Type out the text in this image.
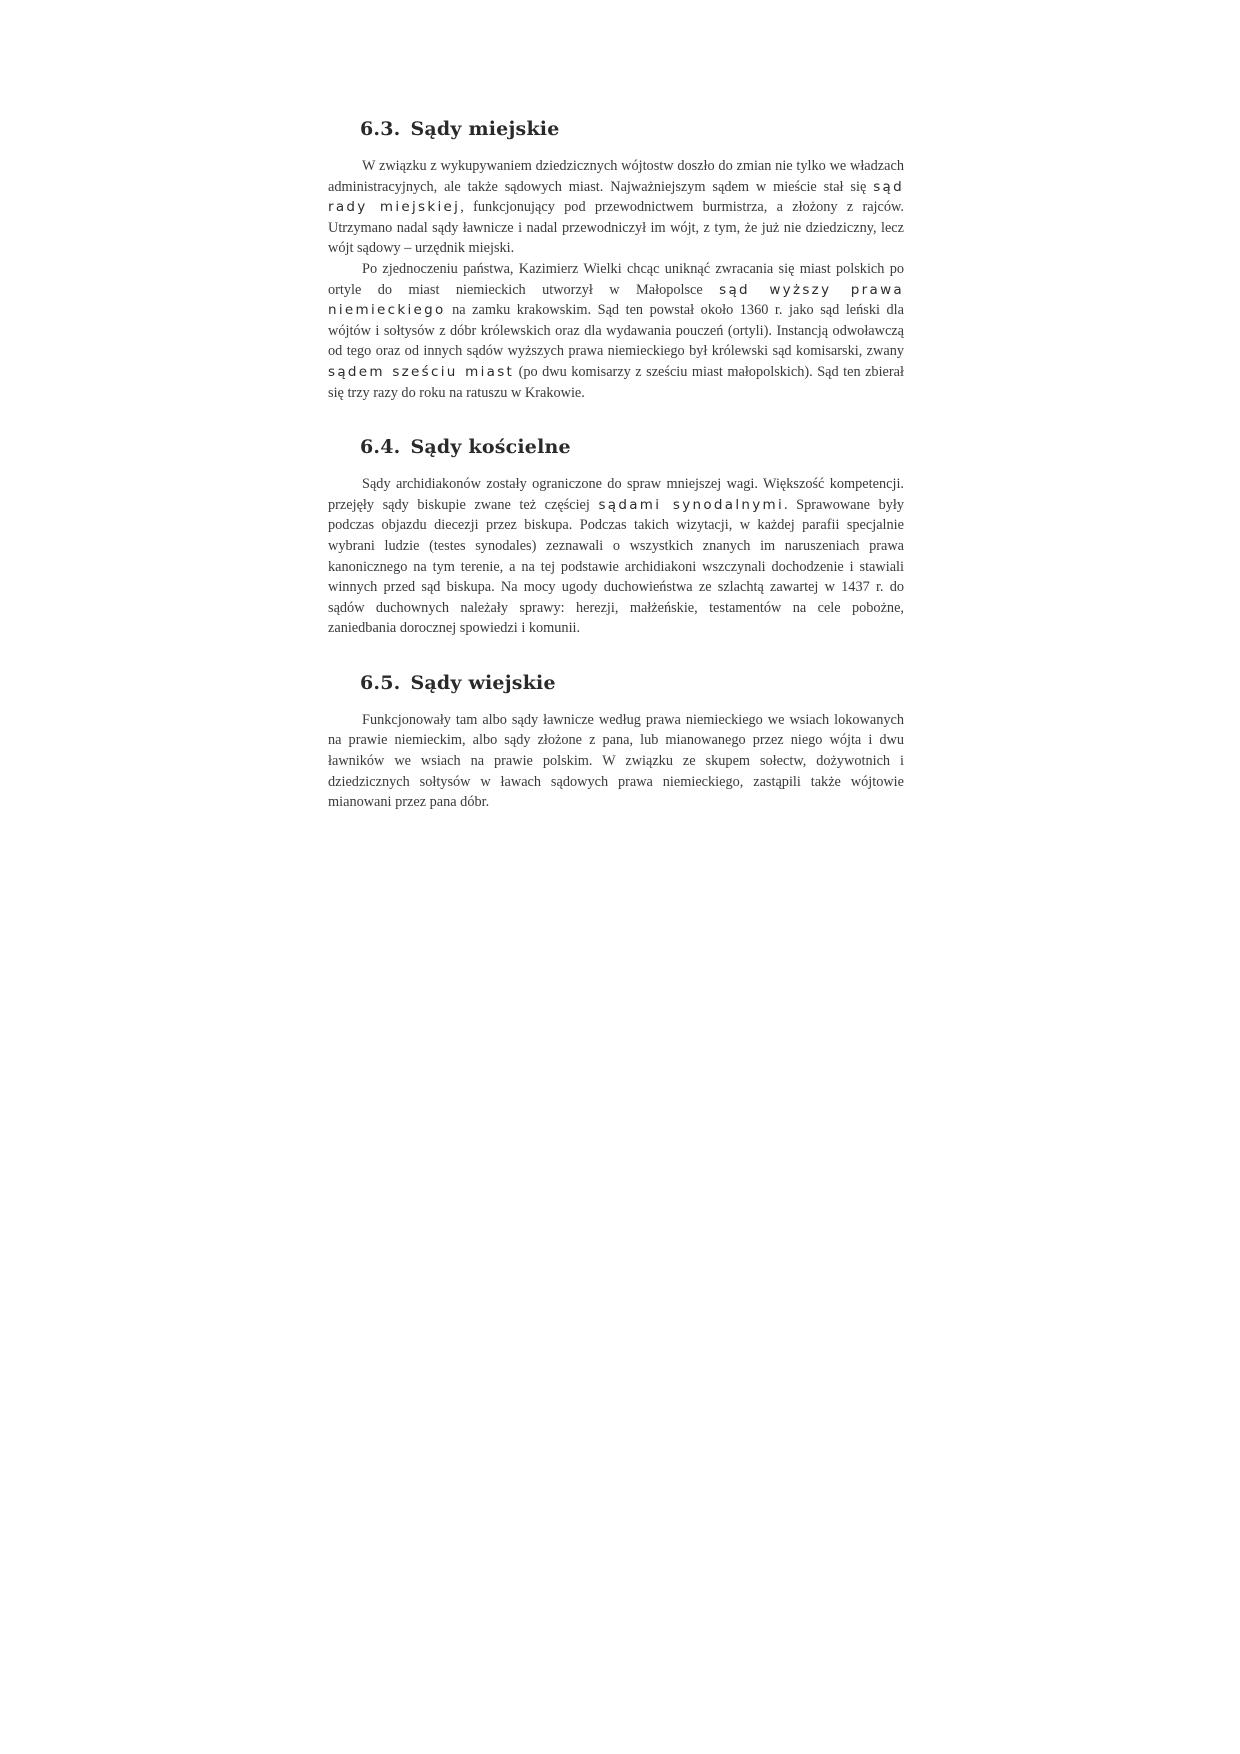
6.3. Sądy miejskie

W związku z wykupywaniem dziedzicznych wójtostw doszło do zmian nie tylko we władzach administracyjnych, ale także sądowych miast. Najważniejszym sądem w mieście stał się sąd rady miejskiej, funkcjonujący pod przewodnictwem burmistrza, a złożony z rajców. Utrzymano nadal sądy ławnicze i nadal przewodniczył im wójt, z tym, że już nie dziedziczny, lecz wójt sądowy – urzędnik miejski.

Po zjednoczeniu państwa, Kazimierz Wielki chcąc uniknąć zwracania się miast polskich po ortyle do miast niemieckich utworzył w Małopolsce sąd wyższy prawa niemieckiego na zamku krakowskim. Sąd ten powstał około 1360 r. jako sąd leński dla wójtów i sołtysów z dóbr królewskich oraz dla wydawania pouczeń (ortyli). Instancją odwoławczą od tego oraz od innych sądów wyższych prawa niemieckiego był królewski sąd komisarski, zwany sądem sześciu miast (po dwu komisarzy z sześciu miast małopolskich). Sąd ten zbierał się trzy razy do roku na ratuszu w Krakowie.

6.4. Sądy kościelne

Sądy archidiakonów zostały ograniczone do spraw mniejszej wagi. Większość kompetencji. przejęły sądy biskupie zwane też częściej sądami synodalnymi. Sprawowane były podczas objazdu diecezji przez biskupa. Podczas takich wizytacji, w każdej parafii specjalnie wybrani ludzie (testes synodales) zeznawali o wszystkich znanych im naruszeniach prawa kanonicznego na tym terenie, a na tej podstawie archidiakoni wszczynali dochodzenie i stawiali winnych przed sąd biskupa. Na mocy ugody duchowieństwa ze szlachtą zawartej w 1437 r. do sądów duchownych należały sprawy: herezji, małżeńskie, testamentów na cele pobożne, zaniedbania dorocznej spowiedzi i komunii.

6.5. Sądy wiejskie

Funkcjonowały tam albo sądy ławnicze według prawa niemieckiego we wsiach lokowanych na prawie niemieckim, albo sądy złożone z pana, lub mianowanego przez niego wójta i dwu ławników we wsiach na prawie polskim. W związku ze skupem sołectw, dożywotnich i dziedzicznych sołtysów w ławach sądowych prawa niemieckiego, zastąpili także wójtowie mianowani przez pana dóbr.
